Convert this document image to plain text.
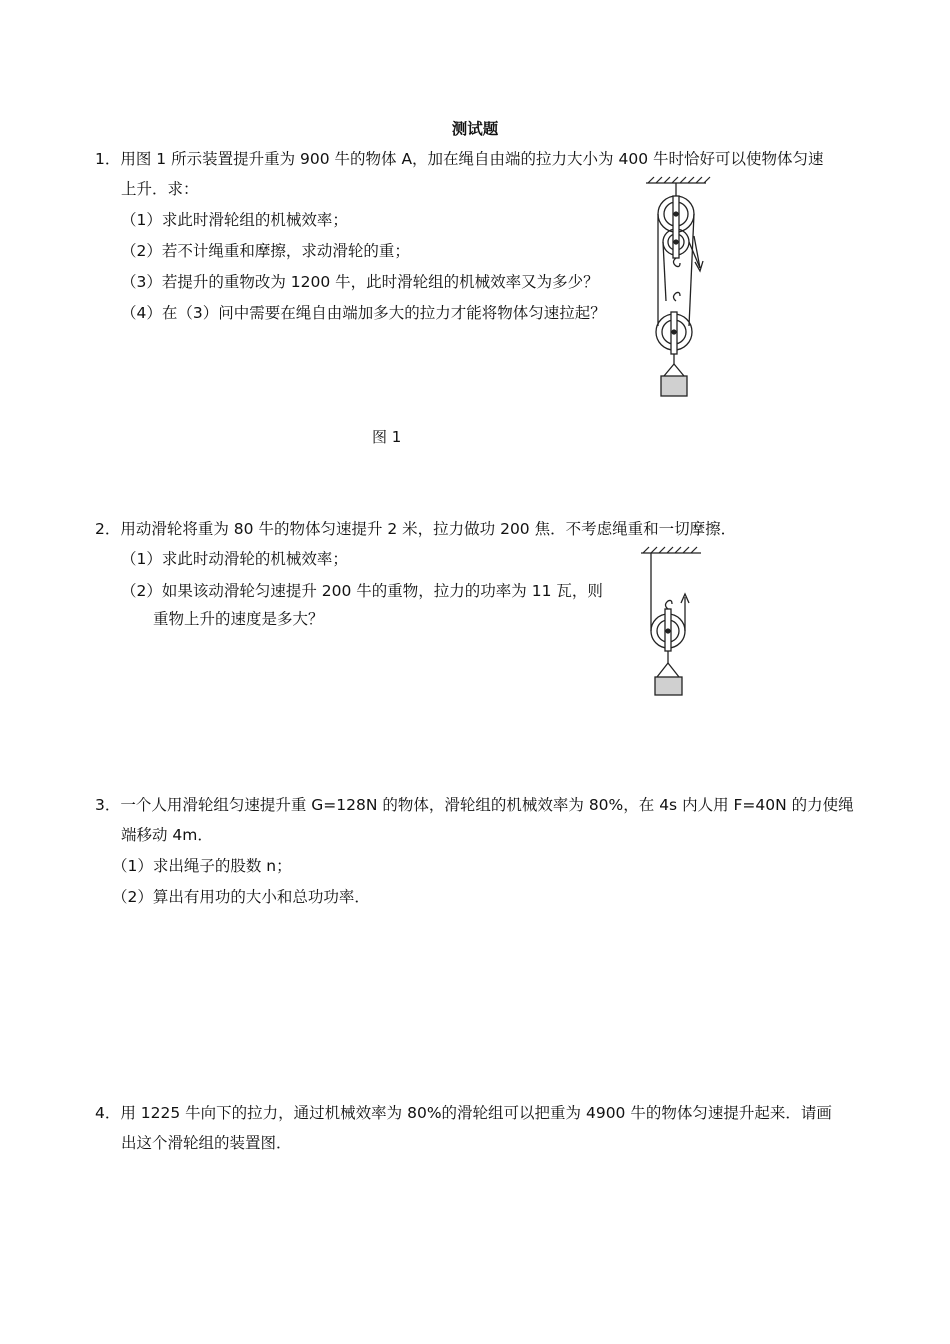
测试题
1．用图 1 所示装置提升重为 900 牛的物体 A，加在绳自由端的拉力大小为 400 牛时恰好可以使物体匀速
上升．求：
（1）求此时滑轮组的机械效率；
（2）若不计绳重和摩擦，求动滑轮的重；
（3）若提升的重物改为 1200 牛，此时滑轮组的机械效率又为多少？
（4）在（3）问中需要在绳自由端加多大的拉力才能将物体匀速拉起？
图 1
2．用动滑轮将重为 80 牛的物体匀速提升 2 米，拉力做功 200 焦．不考虑绳重和一切摩擦．
（1）求此时动滑轮的机械效率；
（2）如果该动滑轮匀速提升 200 牛的重物，拉力的功率为 11 瓦，则
重物上升的速度是多大？
3．一个人用滑轮组匀速提升重 G=128N 的物体，滑轮组的机械效率为 80%，在 4s 内人用 F=40N 的力使绳
端移动 4m．
（1）求出绳子的股数 n；
（2）算出有用功的大小和总功功率．
4．用 1225 牛向下的拉力，通过机械效率为 80%的滑轮组可以把重为 4900 牛的物体匀速提升起来．请画
出这个滑轮组的装置图．
